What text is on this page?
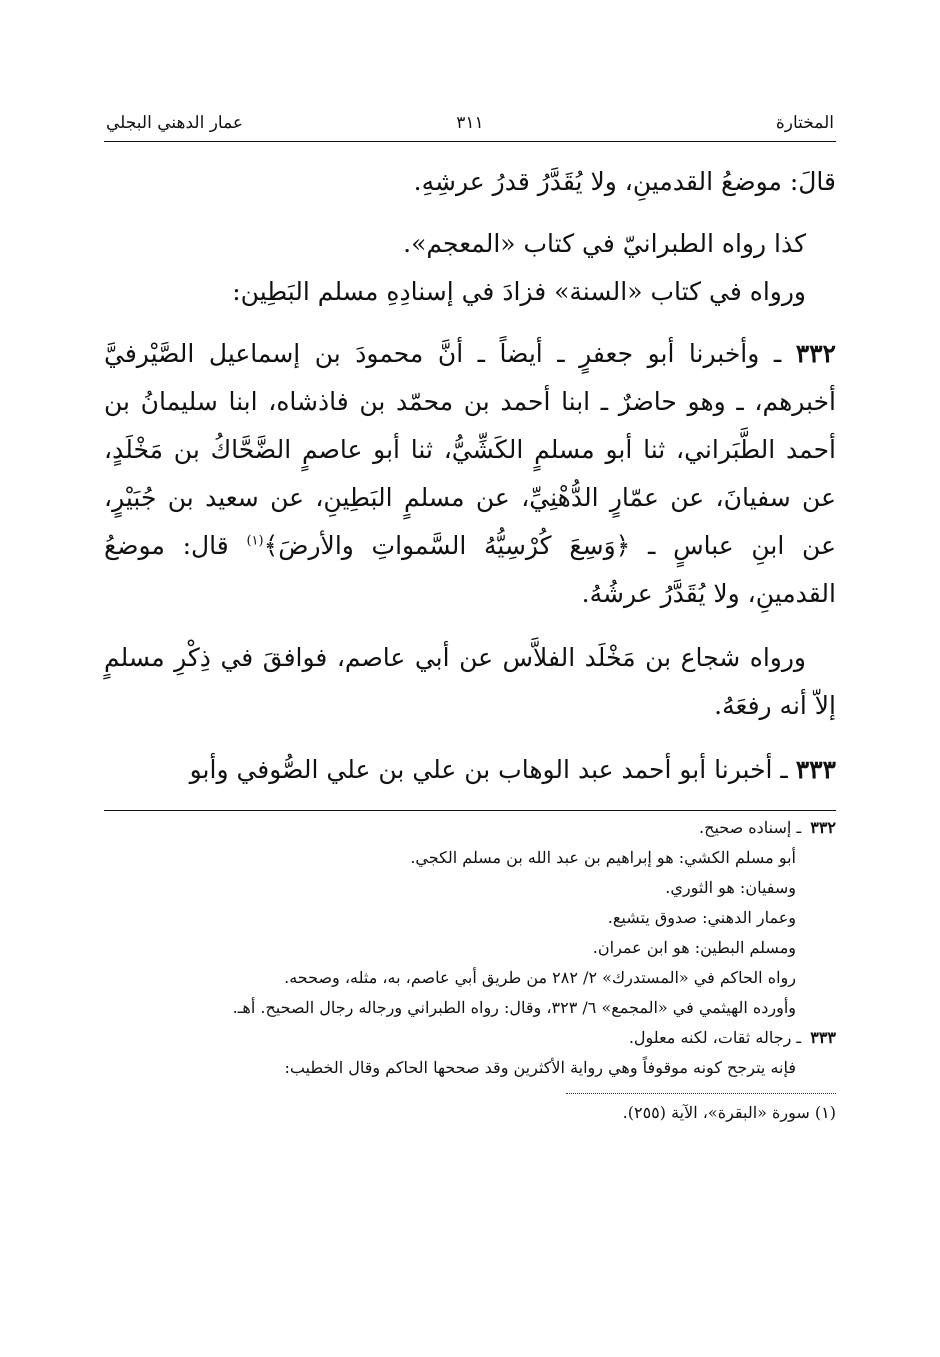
المختارة
٣١١
عمار الدهني البجلي

قالَ: موضعُ القدمينِ، ولا يُقَدَّرُ قدرُ عرشِهِ.

كذا رواه الطبرانيّ في كتاب «المعجم».

ورواه في كتاب «السنة» فزادَ في إسنادِهِ مسلم البَطِين:

٣٣٢ ـ وأخبرنا أبو جعفرٍ ـ أيضاً ـ أنَّ محمودَ بن إسماعيل الصَّيْرفيَّ أخبرهم، ـ وهو حاضرٌ ـ ابنا أحمد بن محمّد بن فاذشاه، ابنا سليمانُ بن أحمد الطَّبَراني، ثنا أبو مسلمٍ الكَشِّيُّ، ثنا أبو عاصمٍ الضَّحَّاكُ بن مَخْلَدٍ، عن سفيانَ، عن عمّارٍ الدُّهْنِيِّ، عن مسلمٍ البَطِينِ، عن سعيد بن جُبَيْرٍ، عن ابنِ عباسٍ ـ ﴿وَسِعَ كُرْسِيُّهُ السَّمواتِ والأرضَ﴾$^{(١)}$ قال: موضعُ القدمينِ، ولا يُقَدَّرُ عرشُهُ.

ورواه شجاع بن مَخْلَد الفلاَّس عن أبي عاصم، فوافقَ في ذِكْرِ مسلمٍ إلاّ أنه رفعَهُ.

٣٣٣ ـ أخبرنا أبو أحمد عبد الوهاب بن علي بن علي الصُّوفي وأبو

٣٣٢ ـ إسناده صحيح.

أبو مسلم الكشي: هو إبراهيم بن عبد الله بن مسلم الكجي.

وسفيان: هو الثوري.

وعمار الدهني: صدوق يتشيع.

ومسلم البطين: هو ابن عمران.

رواه الحاكم في «المستدرك» ٢/ ٢٨٢ من طريق أبي عاصم، به، مثله، وصححه.

وأورده الهيثمي في «المجمع» ٦/ ٣٢٣، وقال: رواه الطبراني ورجاله رجال الصحيح. أهـ.

٣٣٣ ـ رجاله ثقات، لكنه معلول.

فإنه يترجح كونه موقوفاً وهي رواية الأكثرين وقد صححها الحاكم وقال الخطيب:

(١) سورة «البقرة»، الآية (٢٥٥).
